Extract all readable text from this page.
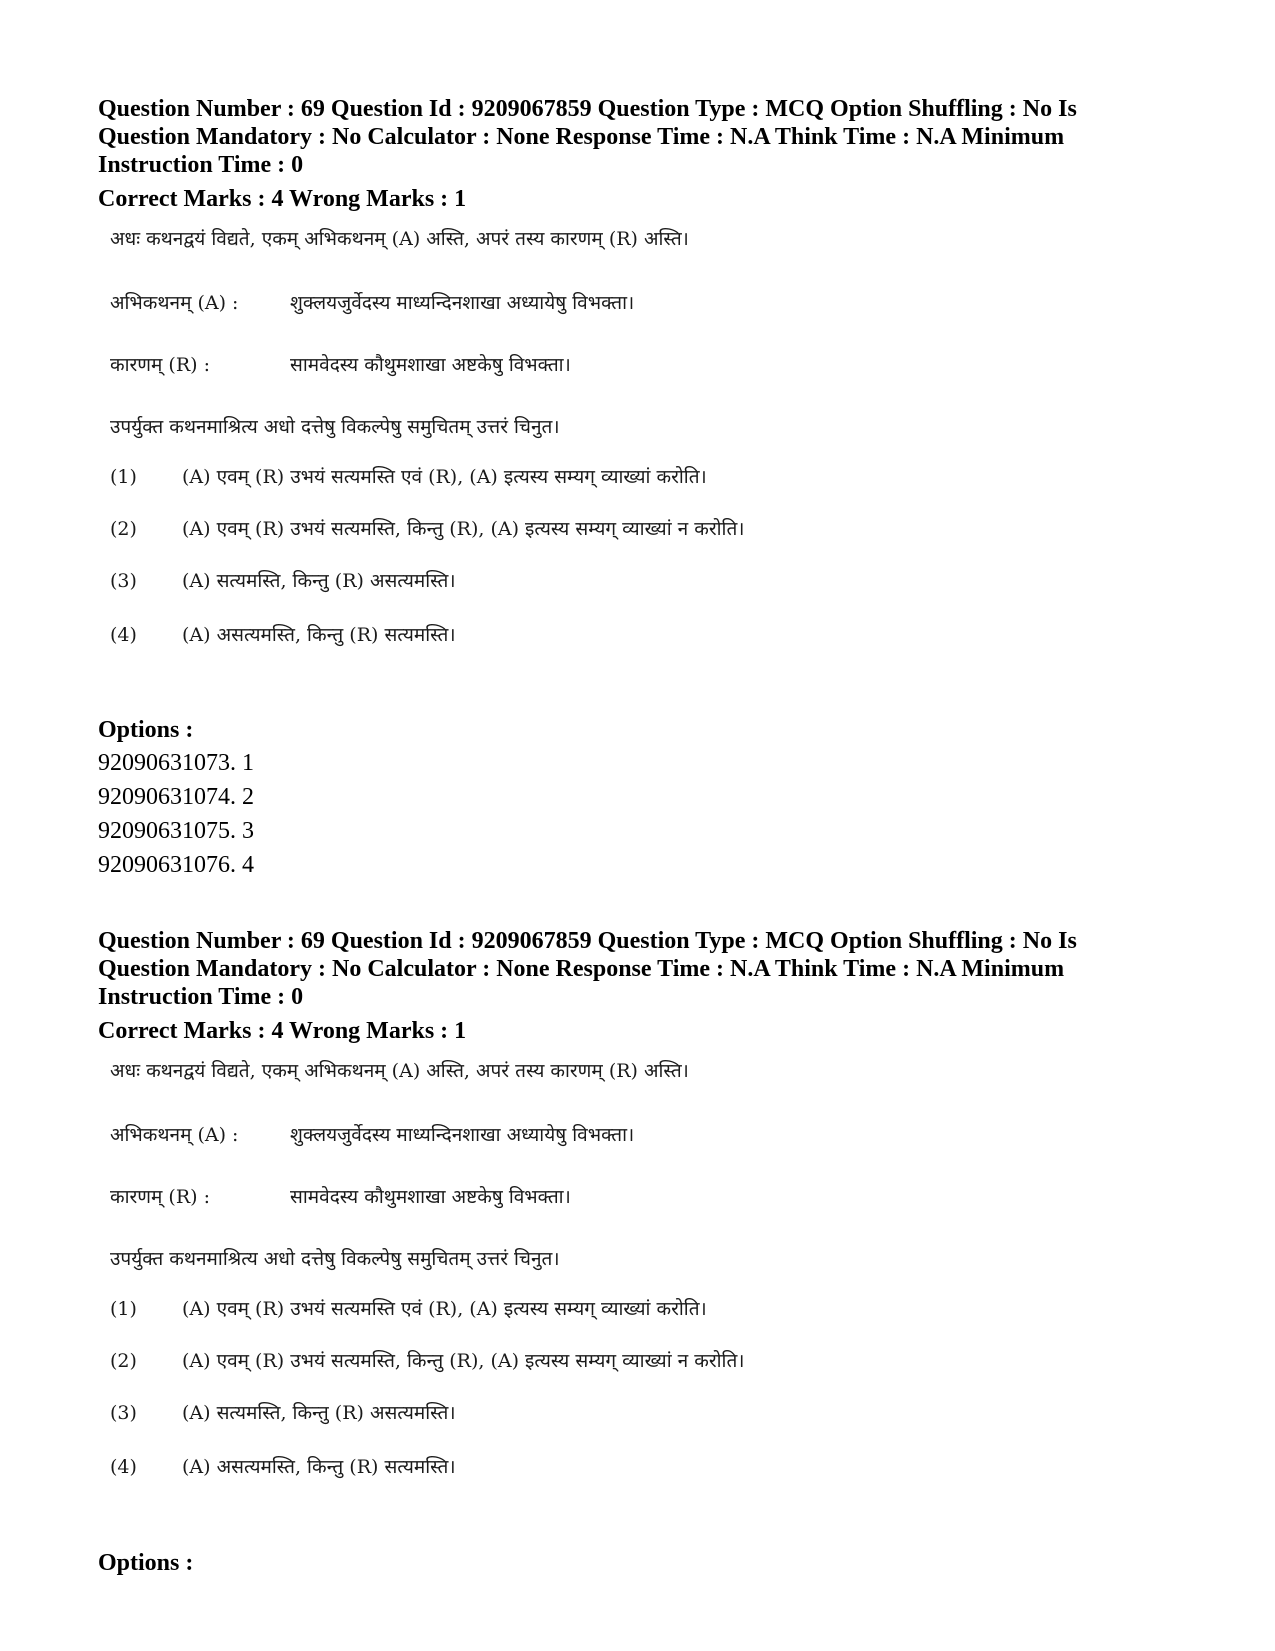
Question Number : 69 Question Id : 9209067859 Question Type : MCQ Option Shuffling : No Is

Question Mandatory : No Calculator : None Response Time : N.A Think Time : N.A Minimum

Instruction Time : 0

Correct Marks : 4 Wrong Marks : 1

अधः कथनद्वयं विद्यते, एकम् अभिकथनम् (A) अस्ति, अपरं तस्य कारणम् (R) अस्ति।
अभिकथनम् (A) :	शुक्लयजुर्वेदस्य माध्यन्दिनशाखा अध्यायेषु विभक्ता।
कारणम् (R) :	सामवेदस्य कौथुमशाखा अष्टकेषु विभक्ता।
उपर्युक्त कथनमाश्रित्य अधो दत्तेषु विकल्पेषु समुचितम् उत्तरं चिनुत।
(1) (A) एवम् (R) उभयं सत्यमस्ति एवं (R), (A) इत्यस्य सम्यग् व्याख्यां करोति।
(2) (A) एवम् (R) उभयं सत्यमस्ति, किन्तु (R), (A) इत्यस्य सम्यग् व्याख्यां न करोति।
(3) (A) सत्यमस्ति, किन्तु (R) असत्यमस्ति।
(4) (A) असत्यमस्ति, किन्तु (R) सत्यमस्ति।

Options :

92090631073. 1
92090631074. 2
92090631075. 3
92090631076. 4

Question Number : 69 Question Id : 9209067859 Question Type : MCQ Option Shuffling : No Is

Question Mandatory : No Calculator : None Response Time : N.A Think Time : N.A Minimum

Instruction Time : 0

Correct Marks : 4 Wrong Marks : 1

अधः कथनद्वयं विद्यते, एकम् अभिकथनम् (A) अस्ति, अपरं तस्य कारणम् (R) अस्ति।
अभिकथनम् (A) :	शुक्लयजुर्वेदस्य माध्यन्दिनशाखा अध्यायेषु विभक्ता।
कारणम् (R) :	सामवेदस्य कौथुमशाखा अष्टकेषु विभक्ता।
उपर्युक्त कथनमाश्रित्य अधो दत्तेषु विकल्पेषु समुचितम् उत्तरं चिनुत।
(1) (A) एवम् (R) उभयं सत्यमस्ति एवं (R), (A) इत्यस्य सम्यग् व्याख्यां करोति।
(2) (A) एवम् (R) उभयं सत्यमस्ति, किन्तु (R), (A) इत्यस्य सम्यग् व्याख्यां न करोति।
(3) (A) सत्यमस्ति, किन्तु (R) असत्यमस्ति।
(4) (A) असत्यमस्ति, किन्तु (R) सत्यमस्ति।

Options :
